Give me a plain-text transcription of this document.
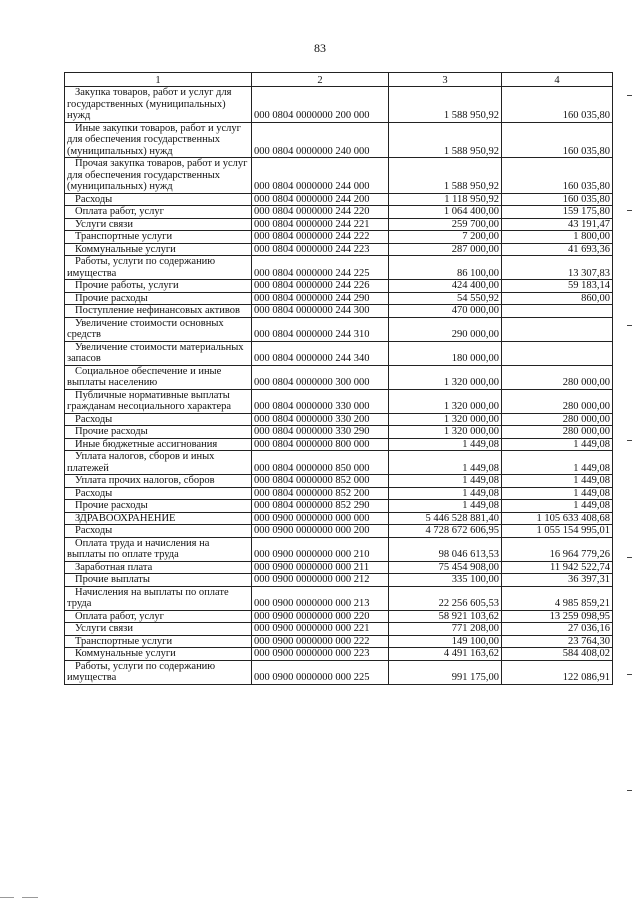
83
1	2	3	4
Закупка товаров, работ и услуг для государственных (муниципальных) нужд	000 0804 0000000 200 000	1 588 950,92	160 035,80
Иные закупки товаров, работ и услуг для обеспечения государственных (муниципальных) нужд	000 0804 0000000 240 000	1 588 950,92	160 035,80
Прочая закупка товаров, работ и услуг для обеспечения государственных (муниципальных) нужд	000 0804 0000000 244 000	1 588 950,92	160 035,80
Расходы	000 0804 0000000 244 200	1 118 950,92	160 035,80
Оплата работ, услуг	000 0804 0000000 244 220	1 064 400,00	159 175,80
Услуги связи	000 0804 0000000 244 221	259 700,00	43 191,47
Транспортные услуги	000 0804 0000000 244 222	7 200,00	1 800,00
Коммунальные услуги	000 0804 0000000 244 223	287 000,00	41 693,36
Работы, услуги по содержанию имущества	000 0804 0000000 244 225	86 100,00	13 307,83
Прочие работы, услуги	000 0804 0000000 244 226	424 400,00	59 183,14
Прочие расходы	000 0804 0000000 244 290	54 550,92	860,00
Поступление нефинансовых активов	000 0804 0000000 244 300	470 000,00	
Увеличение стоимости основных средств	000 0804 0000000 244 310	290 000,00	
Увеличение стоимости материальных запасов	000 0804 0000000 244 340	180 000,00	
Социальное обеспечение и иные выплаты населению	000 0804 0000000 300 000	1 320 000,00	280 000,00
Публичные нормативные выплаты гражданам несоциального характера	000 0804 0000000 330 000	1 320 000,00	280 000,00
Расходы	000 0804 0000000 330 200	1 320 000,00	280 000,00
Прочие расходы	000 0804 0000000 330 290	1 320 000,00	280 000,00
Иные бюджетные ассигнования	000 0804 0000000 800 000	1 449,08	1 449,08
Уплата налогов, сборов и иных платежей	000 0804 0000000 850 000	1 449,08	1 449,08
Уплата прочих налогов, сборов	000 0804 0000000 852 000	1 449,08	1 449,08
Расходы	000 0804 0000000 852 200	1 449,08	1 449,08
Прочие расходы	000 0804 0000000 852 290	1 449,08	1 449,08
ЗДРАВООХРАНЕНИЕ	000 0900 0000000 000 000	5 446 528 881,40	1 105 633 408,68
Расходы	000 0900 0000000 000 200	4 728 672 606,95	1 055 154 995,01
Оплата труда и начисления на выплаты по оплате труда	000 0900 0000000 000 210	98 046 613,53	16 964 779,26
Заработная плата	000 0900 0000000 000 211	75 454 908,00	11 942 522,74
Прочие выплаты	000 0900 0000000 000 212	335 100,00	36 397,31
Начисления на выплаты по оплате труда	000 0900 0000000 000 213	22 256 605,53	4 985 859,21
Оплата работ, услуг	000 0900 0000000 000 220	58 921 103,62	13 259 098,95
Услуги связи	000 0900 0000000 000 221	771 208,00	27 036,16
Транспортные услуги	000 0900 0000000 000 222	149 100,00	23 764,30
Коммунальные услуги	000 0900 0000000 000 223	4 491 163,62	584 408,02
Работы, услуги по содержанию имущества	000 0900 0000000 000 225	991 175,00	122 086,91
